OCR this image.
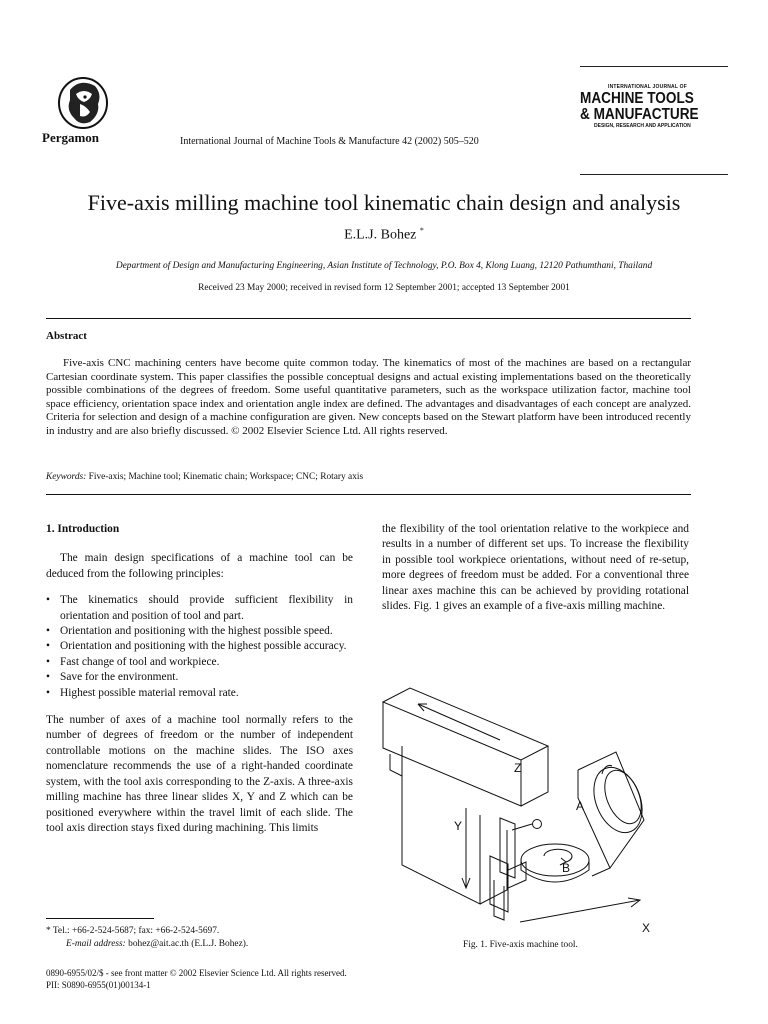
Pergamon	International Journal of Machine Tools & Manufacture 42 (2002) 505–520
INTERNATIONAL JOURNAL OF
MACHINE TOOLS
& MANUFACTURE
DESIGN, RESEARCH AND APPLICATION
Five-axis milling machine tool kinematic chain design and analysis
E.L.J. Bohez *
Department of Design and Manufacturing Engineering, Asian Institute of Technology, P.O. Box 4, Klong Luang, 12120 Pathumthani, Thailand
Received 23 May 2000; received in revised form 12 September 2001; accepted 13 September 2001
Abstract
Five-axis CNC machining centers have become quite common today. The kinematics of most of the machines are based on a rectangular Cartesian coordinate system. This paper classifies the possible conceptual designs and actual existing implementations based on the theoretically possible combinations of the degrees of freedom. Some useful quantitative parameters, such as the workspace utilization factor, machine tool space efficiency, orientation space index and orientation angle index are defined. The advantages and disadvantages of each concept are analyzed. Criteria for selection and design of a machine configuration are given. New concepts based on the Stewart platform have been introduced recently in industry and are also briefly discussed. © 2002 Elsevier Science Ltd. All rights reserved.
Keywords: Five-axis; Machine tool; Kinematic chain; Workspace; CNC; Rotary axis
1. Introduction

The main design specifications of a machine tool can be deduced from the following principles:

• The kinematics should provide sufficient flexibility in orientation and position of tool and part.
• Orientation and positioning with the highest possible speed.
• Orientation and positioning with the highest possible accuracy.
• Fast change of tool and workpiece.
• Save for the environment.
• Highest possible material removal rate.

The number of axes of a machine tool normally refers to the number of degrees of freedom or the number of independent controllable motions on the machine slides. The ISO axes nomenclature recommends the use of a right-handed coordinate system, with the tool axis corresponding to the Z-axis. A three-axis milling machine has three linear slides X, Y and Z which can be positioned everywhere within the travel limit of each slide. The tool axis direction stays fixed during machining. This limits

the flexibility of the tool orientation relative to the workpiece and results in a number of different set ups. To increase the flexibility in possible tool workpiece orientations, without need of re-setup, more degrees of freedom must be added. For a conventional three linear axes machine this can be achieved by providing rotational slides. Fig. 1 gives an example of a five-axis milling machine.

Z
Y
A
B
X
Fig. 1. Five-axis machine tool.
* Tel.: +66-2-524-5687; fax: +66-2-524-5697.
E-mail address: bohez@ait.ac.th (E.L.J. Bohez).
0890-6955/02/$ - see front matter © 2002 Elsevier Science Ltd. All rights reserved.
PII: S0890-6955(01)00134-1
